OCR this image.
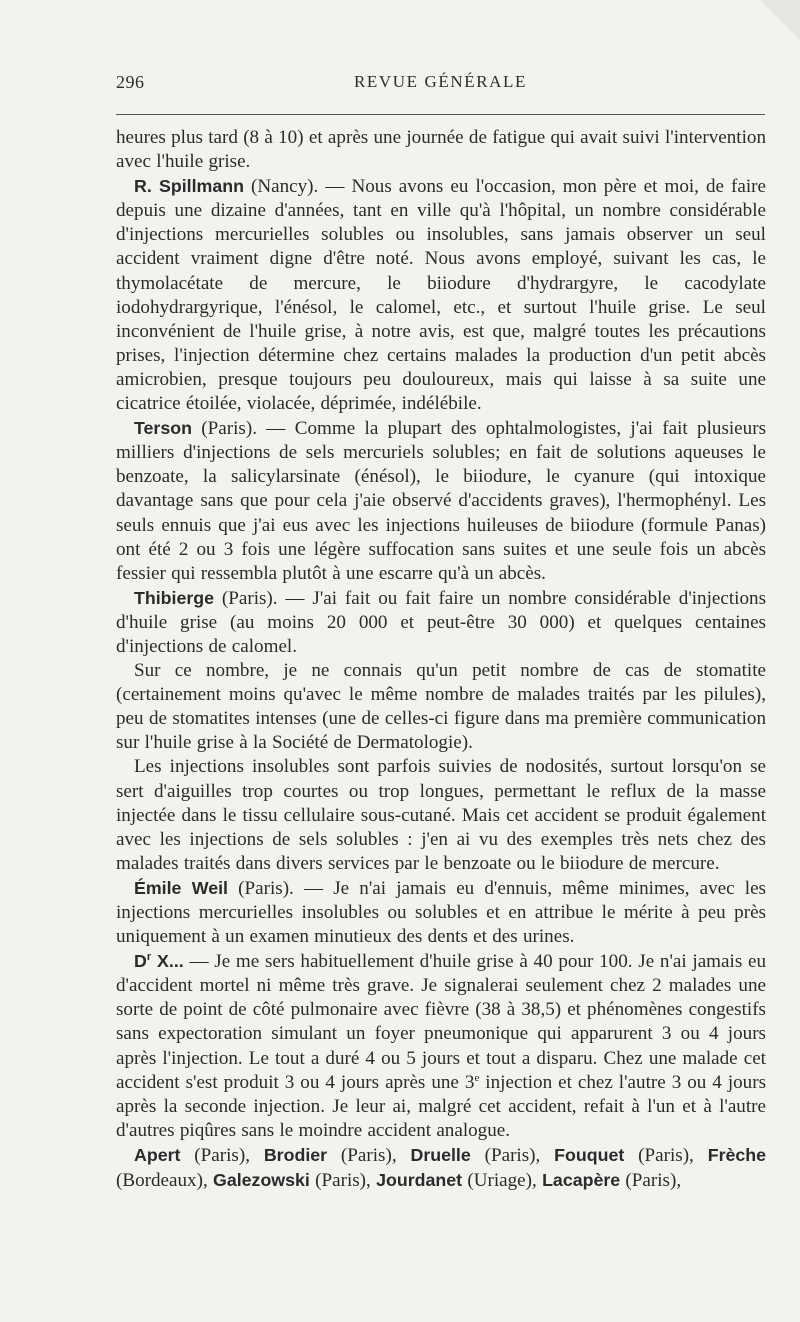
296	REVUE GÉNÉRALE

heures plus tard (8 à 10) et après une journée de fatigue qui avait suivi l'intervention avec l'huile grise.

R. Spillmann (Nancy). — Nous avons eu l'occasion, mon père et moi, de faire depuis une dizaine d'années, tant en ville qu'à l'hôpital, un nombre considérable d'injections mercurielles solubles ou insolubles, sans jamais observer un seul accident vraiment digne d'être noté. Nous avons employé, suivant les cas, le thymolacétate de mercure, le biiodure d'hydrargyre, le cacodylate iodohydrargyrique, l'énésol, le calomel, etc., et surtout l'huile grise. Le seul inconvénient de l'huile grise, à notre avis, est que, malgré toutes les précautions prises, l'injection détermine chez certains malades la production d'un petit abcès amicrobien, presque toujours peu douloureux, mais qui laisse à sa suite une cicatrice étoilée, violacée, déprimée, indélébile.

Terson (Paris). — Comme la plupart des ophtalmologistes, j'ai fait plusieurs milliers d'injections de sels mercuriels solubles; en fait de solutions aqueuses le benzoate, la salicylarsinate (énésol), le biiodure, le cyanure (qui intoxique davantage sans que pour cela j'aie observé d'accidents graves), l'hermophényl. Les seuls ennuis que j'ai eus avec les injections huileuses de biiodure (formule Panas) ont été 2 ou 3 fois une légère suffocation sans suites et une seule fois un abcès fessier qui ressembla plutôt à une escarre qu'à un abcès.

Thibierge (Paris). — J'ai fait ou fait faire un nombre considérable d'injections d'huile grise (au moins 20 000 et peut-être 30 000) et quelques centaines d'injections de calomel.

Sur ce nombre, je ne connais qu'un petit nombre de cas de stomatite (certainement moins qu'avec le même nombre de malades traités par les pilules), peu de stomatites intenses (une de celles-ci figure dans ma première communication sur l'huile grise à la Société de Dermatologie).

Les injections insolubles sont parfois suivies de nodosités, surtout lorsqu'on se sert d'aiguilles trop courtes ou trop longues, permettant le reflux de la masse injectée dans le tissu cellulaire sous-cutané. Mais cet accident se produit également avec les injections de sels solubles : j'en ai vu des exemples très nets chez des malades traités dans divers services par le benzoate ou le biiodure de mercure.

Émile Weil (Paris). — Je n'ai jamais eu d'ennuis, même minimes, avec les injections mercurielles insolubles ou solubles et en attribue le mérite à peu près uniquement à un examen minutieux des dents et des urines.

$D^r$ X... — Je me sers habituellement d'huile grise à 40 pour 100. Je n'ai jamais eu d'accident mortel ni même très grave. Je signalerai seulement chez 2 malades une sorte de point de côté pulmonaire avec fièvre (38 à 38,5) et phénomènes congestifs sans expectoration simulant un foyer pneumonique qui apparurent 3 ou 4 jours après l'injection. Le tout a duré 4 ou 5 jours et tout a disparu. Chez une malade cet accident s'est produit 3 ou 4 jours après une 3e injection et chez l'autre 3 ou 4 jours après la seconde injection. Je leur ai, malgré cet accident, refait à l'un et à l'autre d'autres piqûres sans le moindre accident analogue.

Apert (Paris), Brodier (Paris), Druelle (Paris), Fouquet (Paris), Frèche (Bordeaux), Galezowski (Paris), Jourdanet (Uriage), Lacapère (Paris),
